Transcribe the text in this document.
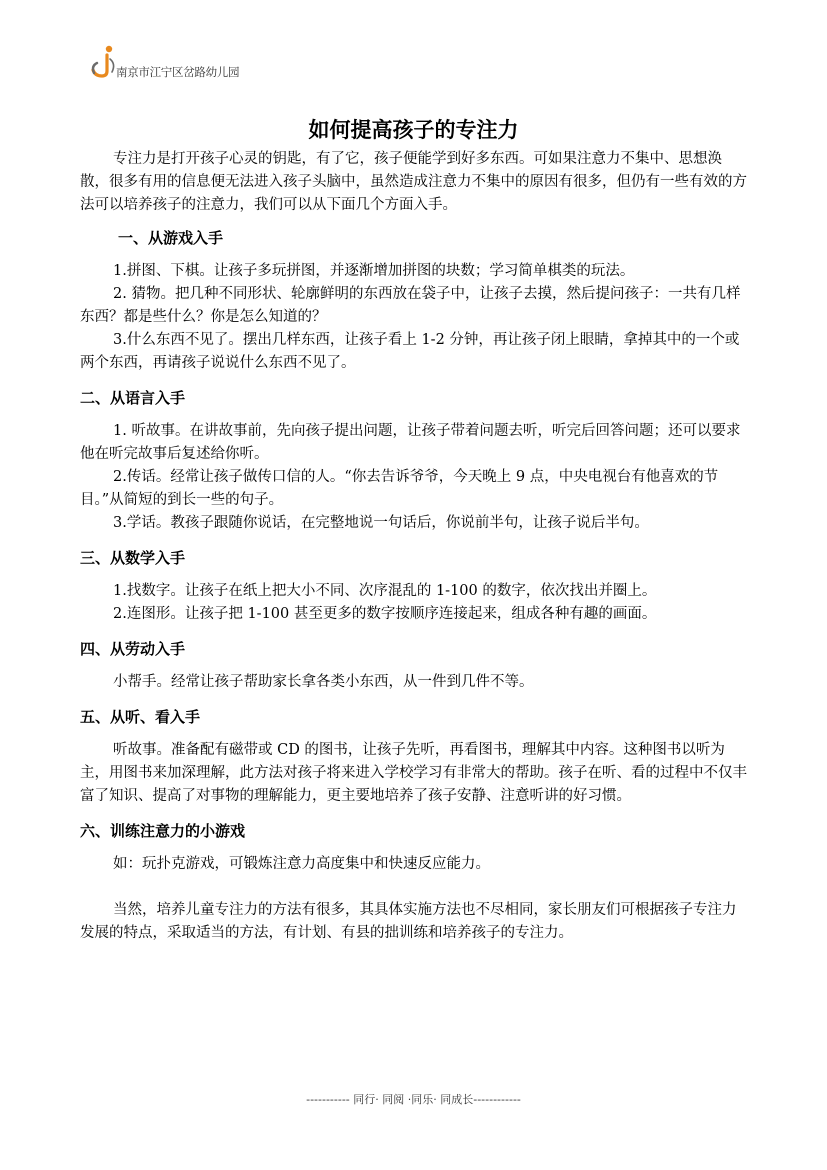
南京市江宁区岔路幼儿园
如何提高孩子的专注力

专注力是打开孩子心灵的钥匙，有了它，孩子便能学到好多东西。可如果注意力不集中、思想涣散，很多有用的信息便无法进入孩子头脑中，虽然造成注意力不集中的原因有很多，但仍有一些有效的方法可以培养孩子的注意力，我们可以从下面几个方面入手。

一、从游戏入手

1.拼图、下棋。让孩子多玩拼图，并逐渐增加拼图的块数；学习简单棋类的玩法。

2. 猜物。把几种不同形状、轮廓鲜明的东西放在袋子中，让孩子去摸，然后提问孩子：一共有几样东西？都是些什么？你是怎么知道的？

3.什么东西不见了。摆出几样东西，让孩子看上 1-2 分钟，再让孩子闭上眼睛，拿掉其中的一个或两个东西，再请孩子说说什么东西不见了。

二、从语言入手

1. 听故事。在讲故事前，先向孩子提出问题，让孩子带着问题去听，听完后回答问题；还可以要求他在听完故事后复述给你听。

2.传话。经常让孩子做传口信的人。“你去告诉爷爷，今天晚上 9 点，中央电视台有他喜欢的节目。”从简短的到长一些的句子。

3.学话。教孩子跟随你说话，在完整地说一句话后，你说前半句，让孩子说后半句。

三、从数学入手

1.找数字。让孩子在纸上把大小不同、次序混乱的 1-100 的数字，依次找出并圈上。

2.连图形。让孩子把 1-100 甚至更多的数字按顺序连接起来，组成各种有趣的画面。

四、从劳动入手

小帮手。经常让孩子帮助家长拿各类小东西，从一件到几件不等。

五、从听、看入手

听故事。准备配有磁带或 CD 的图书，让孩子先听，再看图书，理解其中内容。这种图书以听为主，用图书来加深理解，此方法对孩子将来进入学校学习有非常大的帮助。孩子在听、看的过程中不仅丰富了知识、提高了对事物的理解能力，更主要地培养了孩子安静、注意听讲的好习惯。

六、训练注意力的小游戏

如：玩扑克游戏，可锻炼注意力高度集中和快速反应能力。

当然，培养儿童专注力的方法有很多，其具体实施方法也不尽相同，家长朋友们可根据孩子专注力发展的特点，采取适当的方法，有计划、有县的拙训练和培养孩子的专注力。

----------- 同行· 同阅 ·同乐· 同成长------------
